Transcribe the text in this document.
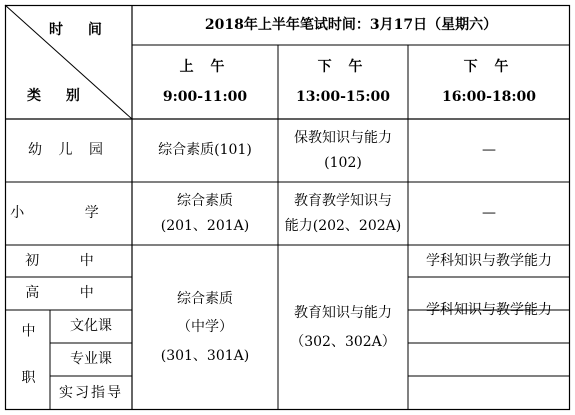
时 间
类 别
2018年上半年笔试时间：3月17日（星期六）
上 午
9:00-11:00
下 午
13:00-15:00
下 午
16:00-18:00
幼 儿 园	综合素质(101)
保教知识与能力
(102)
—
小 学
综合素质
(201、201A)
教育教学知识与
能力(202、202A)
—
初 中
高 中
中 职 文化课
专业课
实习指导
综合素质
（中学）
(301、301A)
教育知识与能力
（302、302A）
学科知识与教学能力
学科知识与教学能力
